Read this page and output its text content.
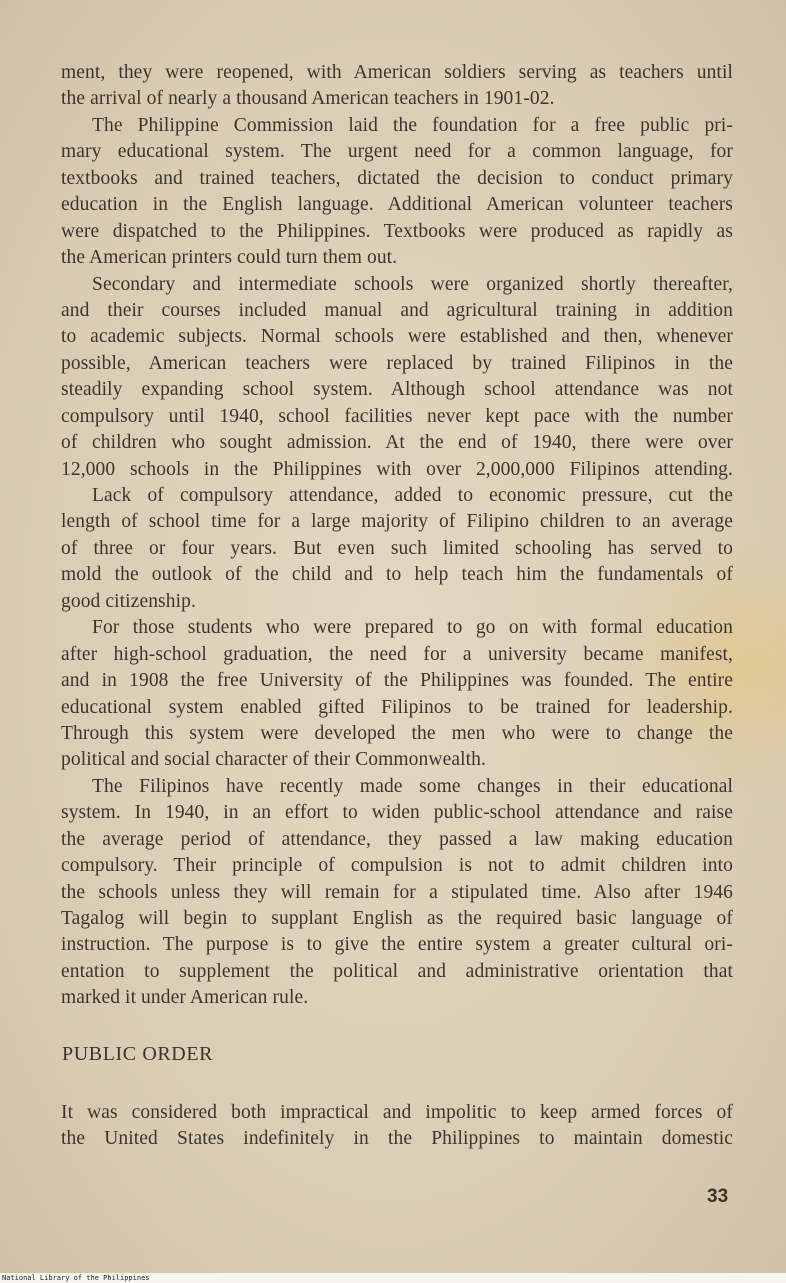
ment, they were reopened, with American soldiers serving as teachers until
the arrival of nearly a thousand American teachers in 1901-02.
The Philippine Commission laid the foundation for a free public pri-
mary educational system. The urgent need for a common language, for
textbooks and trained teachers, dictated the decision to conduct primary
education in the English language. Additional American volunteer teachers
were dispatched to the Philippines. Textbooks were produced as rapidly as
the American printers could turn them out.
Secondary and intermediate schools were organized shortly thereafter,
and their courses included manual and agricultural training in addition
to academic subjects. Normal schools were established and then, whenever
possible, American teachers were replaced by trained Filipinos in the
steadily expanding school system. Although school attendance was not
compulsory until 1940, school facilities never kept pace with the number
of children who sought admission. At the end of 1940, there were over
12,000 schools in the Philippines with over 2,000,000 Filipinos attending.
Lack of compulsory attendance, added to economic pressure, cut the
length of school time for a large majority of Filipino children to an average
of three or four years. But even such limited schooling has served to
mold the outlook of the child and to help teach him the fundamentals of
good citizenship.
For those students who were prepared to go on with formal education
after high-school graduation, the need for a university became manifest,
and in 1908 the free University of the Philippines was founded. The entire
educational system enabled gifted Filipinos to be trained for leadership.
Through this system were developed the men who were to change the
political and social character of their Commonwealth.
The Filipinos have recently made some changes in their educational
system. In 1940, in an effort to widen public-school attendance and raise
the average period of attendance, they passed a law making education
compulsory. Their principle of compulsion is not to admit children into
the schools unless they will remain for a stipulated time. Also after 1946
Tagalog will begin to supplant English as the required basic language of
instruction. The purpose is to give the entire system a greater cultural ori-
entation to supplement the political and administrative orientation that
marked it under American rule.
PUBLIC ORDER
It was considered both impractical and impolitic to keep armed forces of
the United States indefinitely in the Philippines to maintain domestic
33
National Library of the Philippines
